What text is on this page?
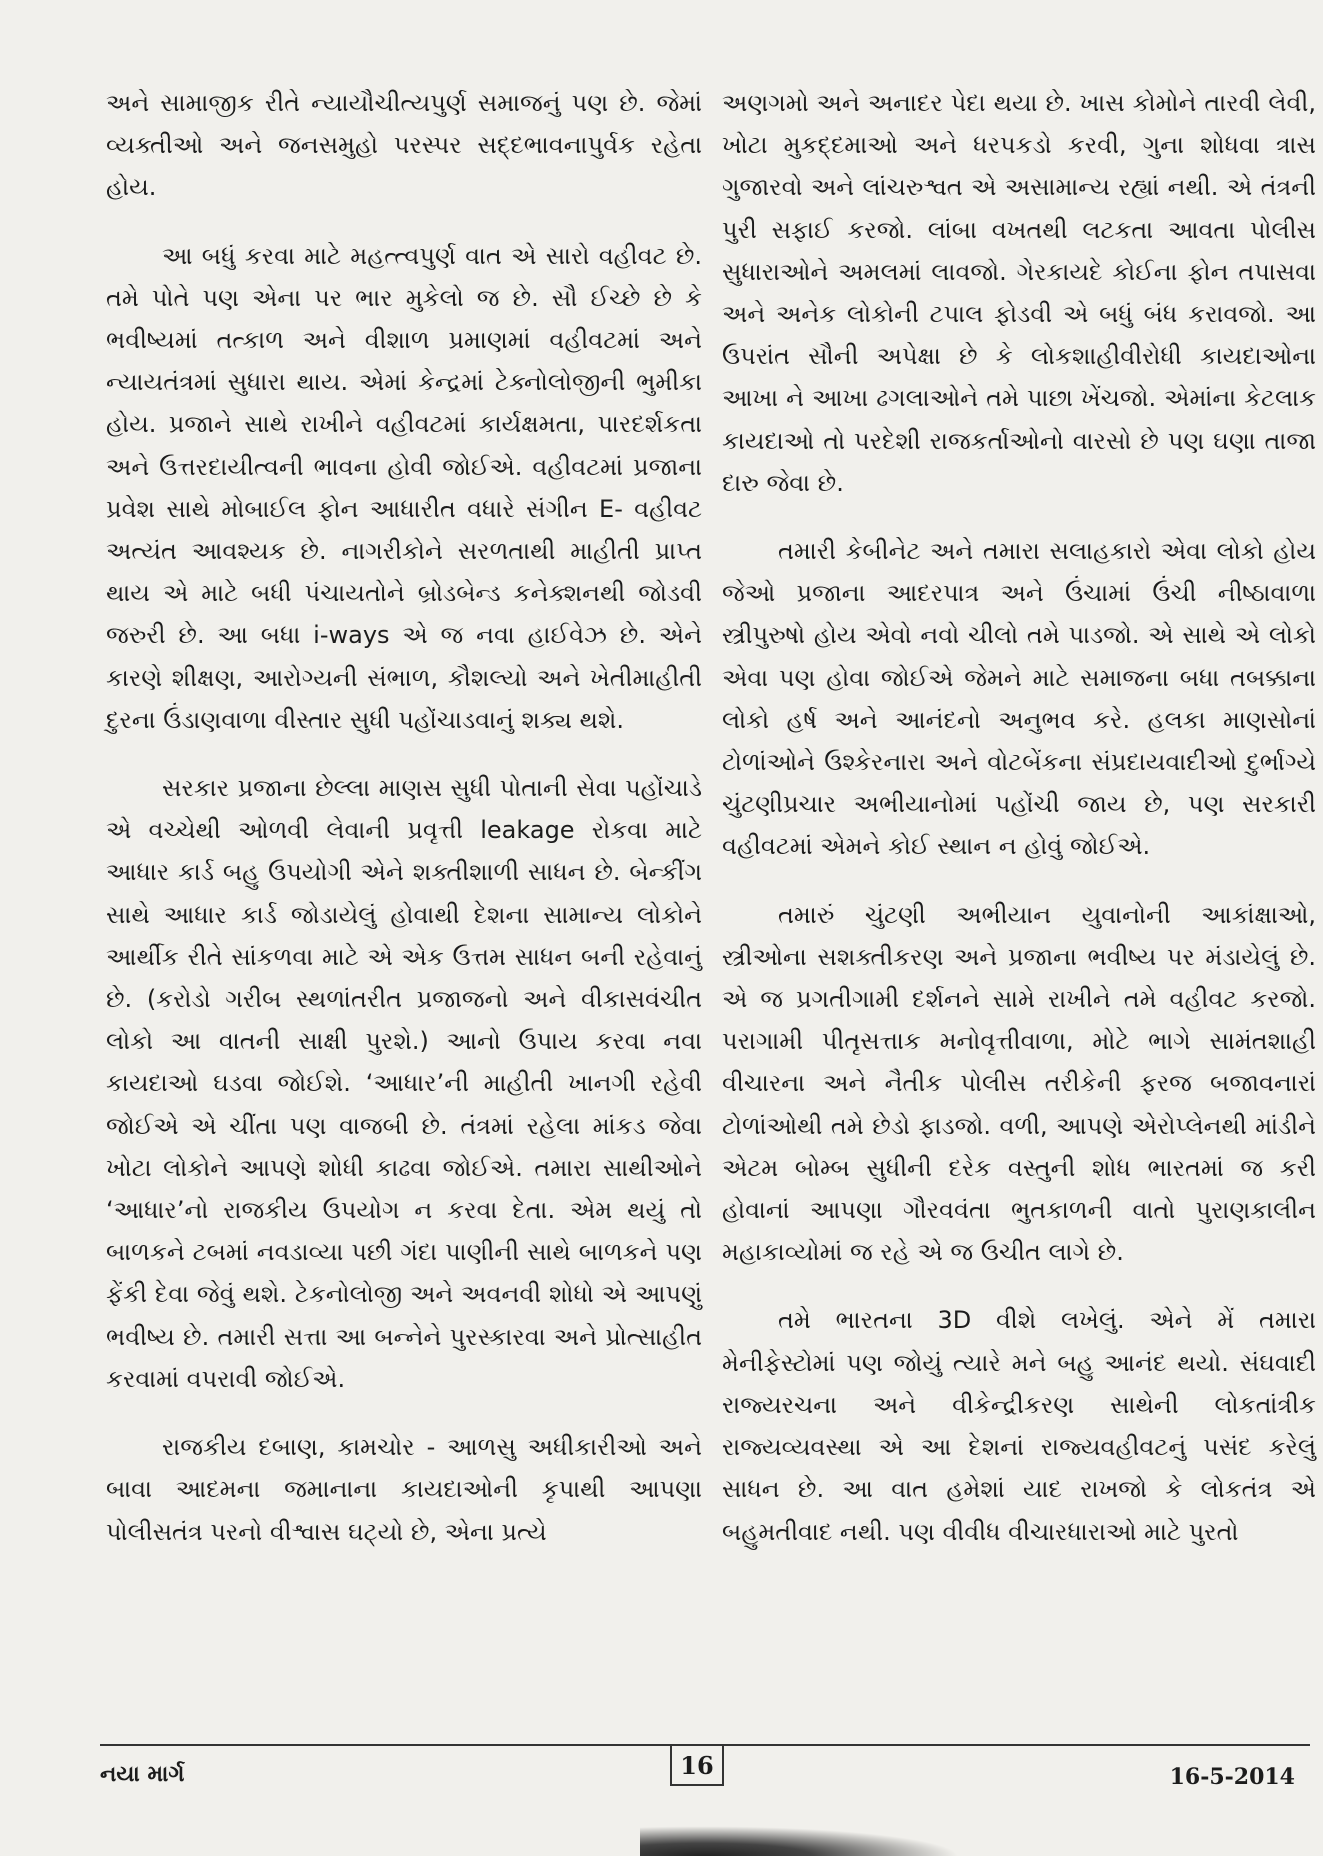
અને સામાજીક રીતે ન્યાયૌચીત્યપુર્ણ સમાજનું પણ છે. જેમાં વ્યક્તીઓ અને જનસમુહો પરસ્પર સદ્દભાવનાપુર્વક રહેતા હોય.

આ બધું કરવા માટે મહત્ત્વપુર્ણ વાત એ સારો વહીવટ છે. તમે પોતે પણ એના પર ભાર મુકેલો જ છે. સૌ ઈચ્છે છે કે ભવીષ્યમાં તત્કાળ અને વીશાળ પ્રમાણમાં વહીવટમાં અને ન્યાયતંત્રમાં સુધારા થાય. એમાં કેન્દ્રમાં ટેક્નોલોજીની ભુમીકા હોય. પ્રજાને સાથે રાખીને વહીવટમાં કાર્યક્ષમતા, પારદર્શકતા અને ઉત્તરદાયીત્વની ભાવના હોવી જોઈએ. વહીવટમાં પ્રજાના પ્રવેશ સાથે મોબાઈલ ફોન આધારીત વધારે સંગીન E- વહીવટ અત્યંત આવશ્યક છે. નાગરીકોને સરળતાથી માહીતી પ્રાપ્ત થાય એ માટે બધી પંચાયતોને બ્રોડબેન્ડ કનેક્શનથી જોડવી જરુરી છે. આ બધા i-ways એ જ નવા હાઈવેઝ છે. એને કારણે શીક્ષણ, આરોગ્યની સંભાળ, કૌશલ્યો અને ખેતીમાહીતી દુરના ઉંડાણવાળા વીસ્તાર સુધી પહોંચાડવાનું શક્ય થશે.

સરકાર પ્રજાના છેલ્લા માણસ સુધી પોતાની સેવા પહોંચાડે એ વચ્ચેથી ઓળવી લેવાની પ્રવૃત્તી leakage રોકવા માટે આધાર કાર્ડ બહુ ઉપયોગી એને શક્તીશાળી સાધન છે. બેન્કીંગ સાથે આધાર કાર્ડ જોડાયેલું હોવાથી દેશના સામાન્ય લોકોને આર્થીક રીતે સાંકળવા માટે એ એક ઉત્તમ સાધન બની રહેવાનું છે. (કરોડો ગરીબ સ્થળાંતરીત પ્રજાજનો અને વીકાસવંચીત લોકો આ વાતની સાક્ષી પુરશે.) આનો ઉપાય કરવા નવા કાયદાઓ ઘડવા જોઈશે. ‘આધાર’ની માહીતી ખાનગી રહેવી જોઈએ એ ચીંતા પણ વાજબી છે. તંત્રમાં રહેલા માંકડ જેવા ખોટા લોકોને આપણે શોધી કાઢવા જોઈએ. તમારા સાથીઓને ‘આધાર’નો રાજકીય ઉપયોગ ન કરવા દેતા. એમ થયું તો બાળકને ટબમાં નવડાવ્યા પછી ગંદા પાણીની સાથે બાળકને પણ ફેંકી દેવા જેવું થશે. ટેકનોલોજી અને અવનવી શોધો એ આપણું ભવીષ્ય છે. તમારી સત્તા આ બન્નેને પુરસ્કારવા અને પ્રોત્સાહીત કરવામાં વપરાવી જોઈએ.

રાજકીય દબાણ, કામચોર - આળસુ અધીકારીઓ અને બાવા આદમના જમાનાના કાયદાઓની કૃપાથી આપણા પોલીસતંત્ર પરનો વીશ્વાસ ઘટ્યો છે, એના પ્રત્યે

અણગમો અને અનાદર પેદા થયા છે. ખાસ કોમોને તારવી લેવી, ખોટા મુકદ્દમાઓ અને ધરપકડો કરવી, ગુના શોધવા ત્રાસ ગુજારવો અને લાંચરુશ્વત એ અસામાન્ય રહ્યાં નથી. એ તંત્રની પુરી સફાઈ કરજો. લાંબા વખતથી લટકતા આવતા પોલીસ સુધારાઓને અમલમાં લાવજો. ગેરકાયદે કોઈના ફોન તપાસવા અને અનેક લોકોની ટપાલ ફોડવી એ બધું બંધ કરાવજો. આ ઉપરાંત સૌની અપેક્ષા છે કે લોકશાહીવીરોધી કાયદાઓના આખા ને આખા ઢગલાઓને તમે પાછા ખેંચજો. એમાંના કેટલાક કાયદાઓ તો પરદેશી રાજકર્તાઓનો વારસો છે પણ ઘણા તાજા દારુ જેવા છે.

તમારી કેબીનેટ અને તમારા સલાહકારો એવા લોકો હોય જેઓ પ્રજાના આદરપાત્ર અને ઉંચામાં ઉંચી નીષ્ઠાવાળા સ્ત્રીપુરુષો હોય એવો નવો ચીલો તમે પાડજો. એ સાથે એ લોકો એવા પણ હોવા જોઈએ જેમને માટે સમાજના બધા તબક્કાના લોકો હર્ષ અને આનંદનો અનુભવ કરે. હલકા માણસોનાં ટોળાંઓને ઉશ્કેરનારા અને વોટબેંકના સંપ્રદાયવાદીઓ દુર્ભાગ્યે ચુંટણીપ્રચાર અભીયાનોમાં પહોંચી જાય છે, પણ સરકારી વહીવટમાં એમને કોઈ સ્થાન ન હોવું જોઈએ.

તમારું ચુંટણી અભીયાન યુવાનોની આકાંક્ષાઓ, સ્ત્રીઓના સશક્તીકરણ અને પ્રજાના ભવીષ્ય પર મંડાયેલું છે. એ જ પ્રગતીગામી દર્શનને સામે રાખીને તમે વહીવટ કરજો. પરાગામી પીતૃસત્તાક મનોવૃત્તીવાળા, મોટે ભાગે સામંતશાહી વીચારના અને નૈતીક પોલીસ તરીકેની ફરજ બજાવનારાં ટોળાંઓથી તમે છેડો ફાડજો. વળી, આપણે એરોપ્લેનથી માંડીને એટમ બોમ્બ સુધીની દરેક વસ્તુની શોધ ભારતમાં જ કરી હોવાનાં આપણા ગૌરવવંતા ભુતકાળની વાતો પુરાણકાલીન મહાકાવ્યોમાં જ રહે એ જ ઉચીત લાગે છે.

તમે ભારતના 3D વીશે લખેલું. એને મેં તમારા મેનીફેસ્ટોમાં પણ જોયું ત્યારે મને બહુ આનંદ થયો. સંઘવાદી રાજ્યરચના અને વીકેન્દ્રીકરણ સાથેની લોકતાંત્રીક રાજ્યવ્યવસ્થા એ આ દેશનાં રાજ્યવહીવટનું પસંદ કરેલું સાધન છે. આ વાત હમેશાં યાદ રાખજો કે લોકતંત્ર એ બહુમતીવાદ નથી. પણ વીવીધ વીચારધારાઓ માટે પુરતો

નયા માર્ગ	16	16-5-2014
